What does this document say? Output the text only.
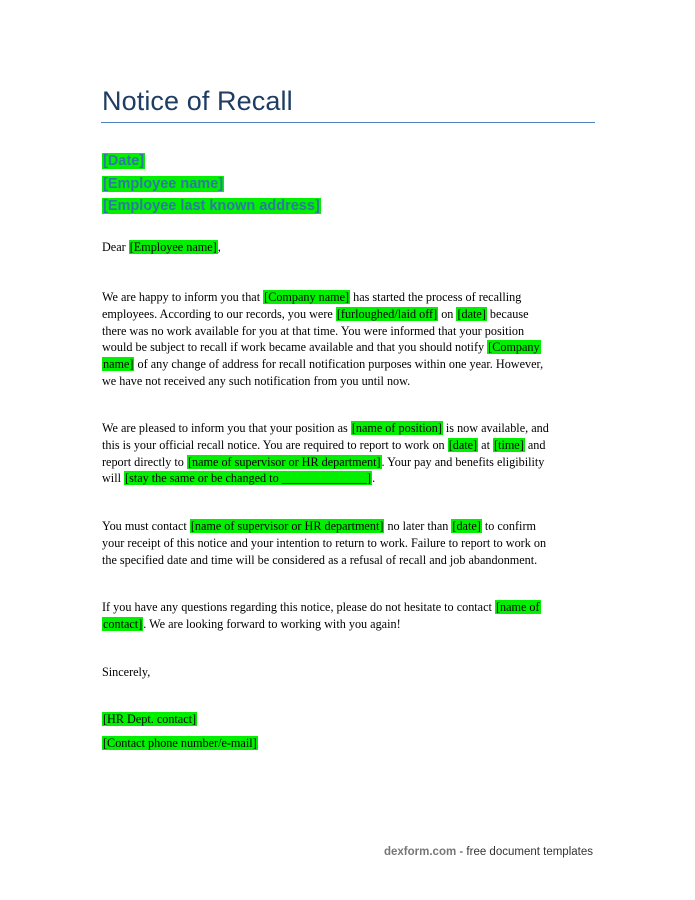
Notice of Recall
[Date]
[Employee name]
[Employee last known address]
Dear [Employee name],
We are happy to inform you that [Company name] has started the process of recalling
employees. According to our records, you were [furloughed/laid off] on [date] because
there was no work available for you at that time. You were informed that your position
would be subject to recall if work became available and that you should notify [Company
name] of any change of address for recall notification purposes within one year. However,
we have not received any such notification from you until now.
We are pleased to inform you that your position as [name of position] is now available, and
this is your official recall notice. You are required to report to work on [date] at [time] and
report directly to [name of supervisor or HR department]. Your pay and benefits eligibility
will [stay the same or be changed to ______________].
You must contact [name of supervisor or HR department] no later than [date] to confirm
your receipt of this notice and your intention to return to work. Failure to report to work on
the specified date and time will be considered as a refusal of recall and job abandonment.
If you have any questions regarding this notice, please do not hesitate to contact [name of
contact]. We are looking forward to working with you again!
Sincerely,
[HR Dept. contact]
[Contact phone number/e-mail]
dexform.com - free document templates
